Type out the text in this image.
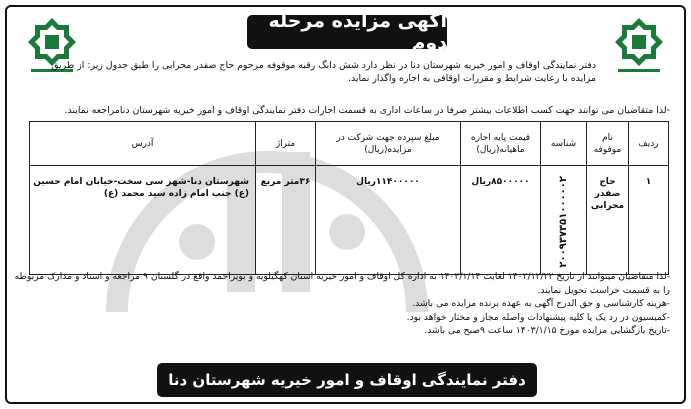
آگهی مزایده مرحله دوم
دفتر نمایندگی اوقاف و امور خیریه شهرستان دنا در نظر دارد شش دانگ رقبه موقوفه مرحوم حاج صفدر محرابی را طبق جدول زیر: از طریق
مزایده با رعایت شرایط و مقررات اوقافی به اجاره واگذار نماید.
-لذا متقاضیان می توانند جهت کسب اطلاعات بیشتر صرفا در ساعات اداری به قسمت اجارات دفتر نمایندگی اوقاف و امور خیریه شهرستان دنامراجعه نمایند.
ردیف	نام موقوفه	شناسه	قیمت پایه اجاره ماهیانه(ریال)	مبلغ سپرده جهت شرکت در مزایده(ریال)	متراژ	آدرس
۱	حاج صفدر محرابی	۲۰۰۹۳۷۳۵۱۰۰۰۰۰۲	۸۵۰۰۰۰۰ریال	۱۱۴۰۰۰۰۰ریال	۳۶متر مربع	شهرستان دنا-شهر سی سخت-خیابان امام حسین (ع) جنب امام زاده سید محمد (ع)
-لذا متقاضیان میتوانند از تاریخ ۱۴۰۲/۱۲/۲۲ لغایت ۱۴۰۳/۱/۱۴ به اداره کل اوقاف و امور خیریه استان کهگیلویه و بویراحمد واقع در گلستان ۹ مراجعه و اسناد و مدارک مربوطه
را به قسمت حراست تحویل نمایند.
-هزینه کارشناسی و حق الدرج آگهی به عهده برنده مزایده می باشد.
-کمیسیون در رد یک یا کلیه پیشنهادات واصله مجاز و مختار خواهد بود.
-تاریخ بازگشایی مزایده مورخ ۱۴۰۳/۱/۱۵ ساعت ۹صبح می باشد.
دفتر نمایندگی اوقاف و امور خیریه شهرستان دنا
